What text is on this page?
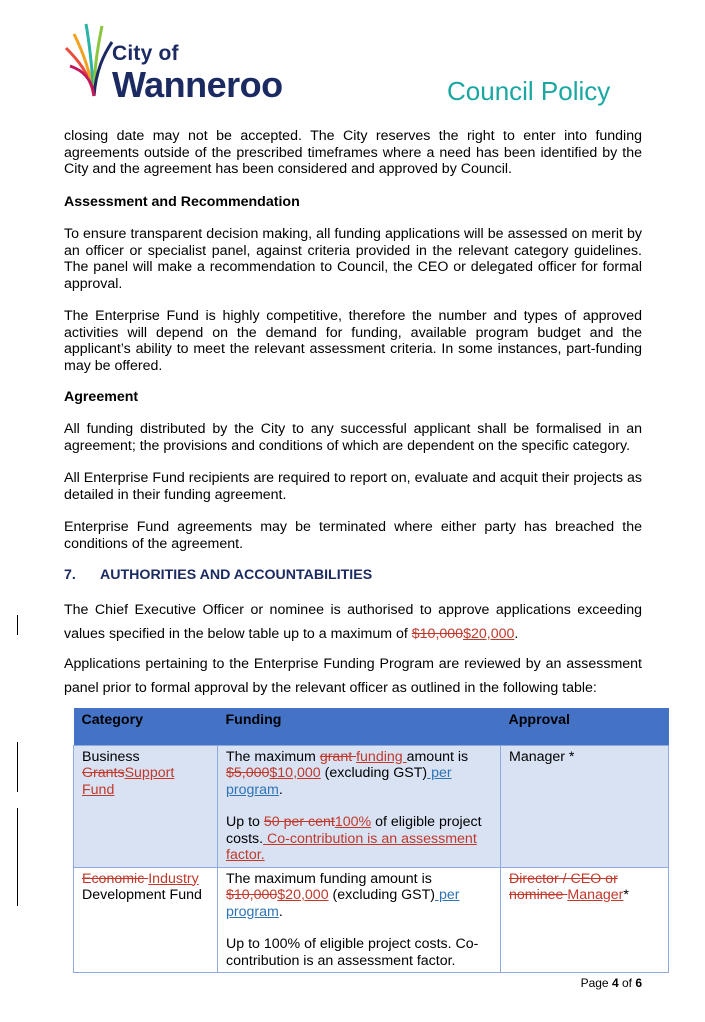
City of
Wanneroo	Council Policy
closing date may not be accepted. The City reserves the right to enter into funding agreements outside of the prescribed timeframes where a need has been identified by the City and the agreement has been considered and approved by Council.
Assessment and Recommendation
To ensure transparent decision making, all funding applications will be assessed on merit by an officer or specialist panel, against criteria provided in the relevant category guidelines. The panel will make a recommendation to Council, the CEO or delegated officer for formal approval.
The Enterprise Fund is highly competitive, therefore the number and types of approved activities will depend on the demand for funding, available program budget and the applicant’s ability to meet the relevant assessment criteria. In some instances, part-funding may be offered.
Agreement
All funding distributed by the City to any successful applicant shall be formalised in an agreement; the provisions and conditions of which are dependent on the specific category.
All Enterprise Fund recipients are required to report on, evaluate and acquit their projects as detailed in their funding agreement.
Enterprise Fund agreements may be terminated where either party has breached the conditions of the agreement.
7. AUTHORITIES AND ACCOUNTABILITIES
The Chief Executive Officer or nominee is authorised to approve applications exceeding values specified in the below table up to a maximum of $10,000$20,000.
Applications pertaining to the Enterprise Funding Program are reviewed by an assessment panel prior to formal approval by the relevant officer as outlined in the following table:
Category	Funding	Approval
Business
GrantsSupport Fund	The maximum grant funding amount is
$5,000$10,000 (excluding GST) per program.
Up to 50 per cent100% of eligible project costs. Co-contribution is an assessment factor.	Manager *
Economic Industry
Development Fund	The maximum funding amount is
$10,000$20,000 (excluding GST) per program.
Up to 100% of eligible project costs. Co-contribution is an assessment factor.	Director / CEO or nominee Manager*
Page 4 of 6
